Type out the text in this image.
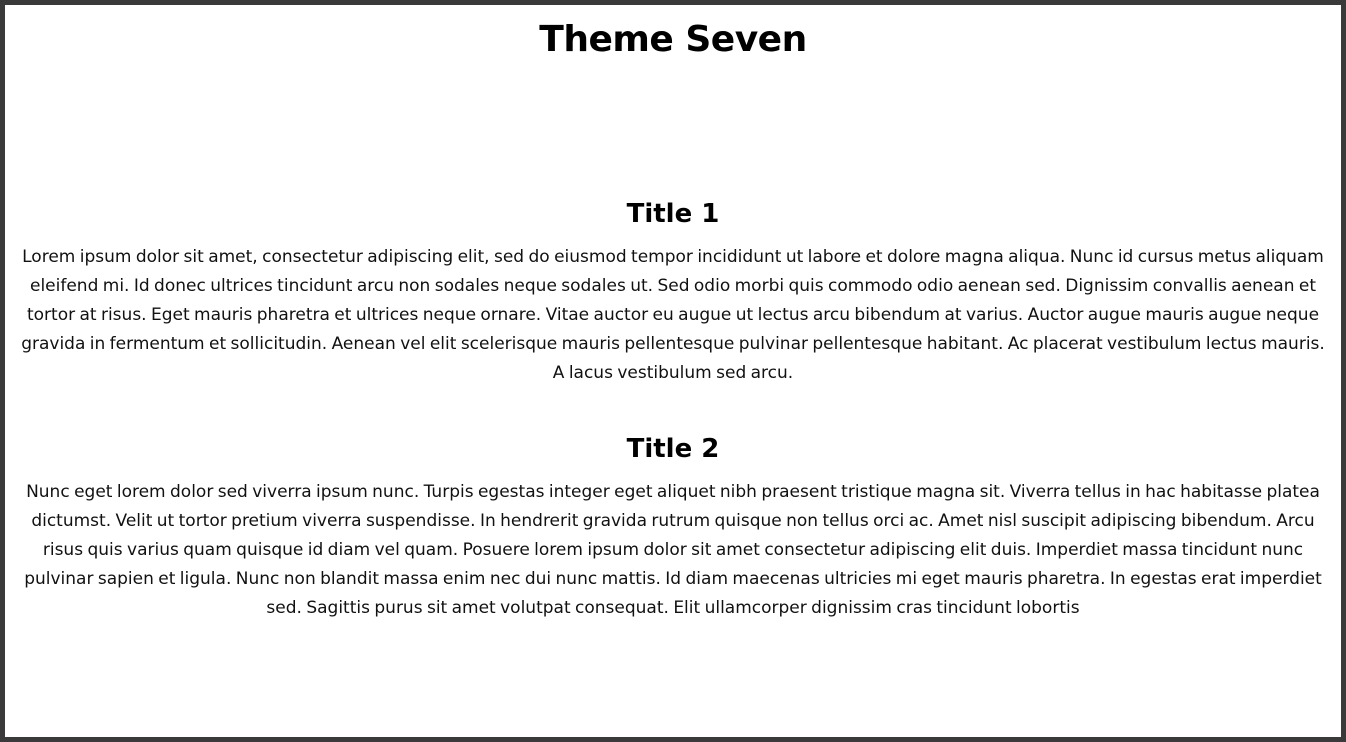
Theme Seven
Title 1

Lorem ipsum dolor sit amet, consectetur adipiscing elit, sed do eiusmod tempor incididunt ut labore et dolore magna aliqua. Nunc id cursus metus aliquam eleifend mi. Id donec ultrices tincidunt arcu non sodales neque sodales ut. Sed odio morbi quis commodo odio aenean sed. Dignissim convallis aenean et tortor at risus. Eget mauris pharetra et ultrices neque ornare. Vitae auctor eu augue ut lectus arcu bibendum at varius. Auctor augue mauris augue neque gravida in fermentum et sollicitudin. Aenean vel elit scelerisque mauris pellentesque pulvinar pellentesque habitant. Ac placerat vestibulum lectus mauris. A lacus vestibulum sed arcu.

Title 2

Nunc eget lorem dolor sed viverra ipsum nunc. Turpis egestas integer eget aliquet nibh praesent tristique magna sit. Viverra tellus in hac habitasse platea dictumst. Velit ut tortor pretium viverra suspendisse. In hendrerit gravida rutrum quisque non tellus orci ac. Amet nisl suscipit adipiscing bibendum. Arcu risus quis varius quam quisque id diam vel quam. Posuere lorem ipsum dolor sit amet consectetur adipiscing elit duis. Imperdiet massa tincidunt nunc pulvinar sapien et ligula. Nunc non blandit massa enim nec dui nunc mattis. Id diam maecenas ultricies mi eget mauris pharetra. In egestas erat imperdiet sed. Sagittis purus sit amet volutpat consequat. Elit ullamcorper dignissim cras tincidunt lobortis
